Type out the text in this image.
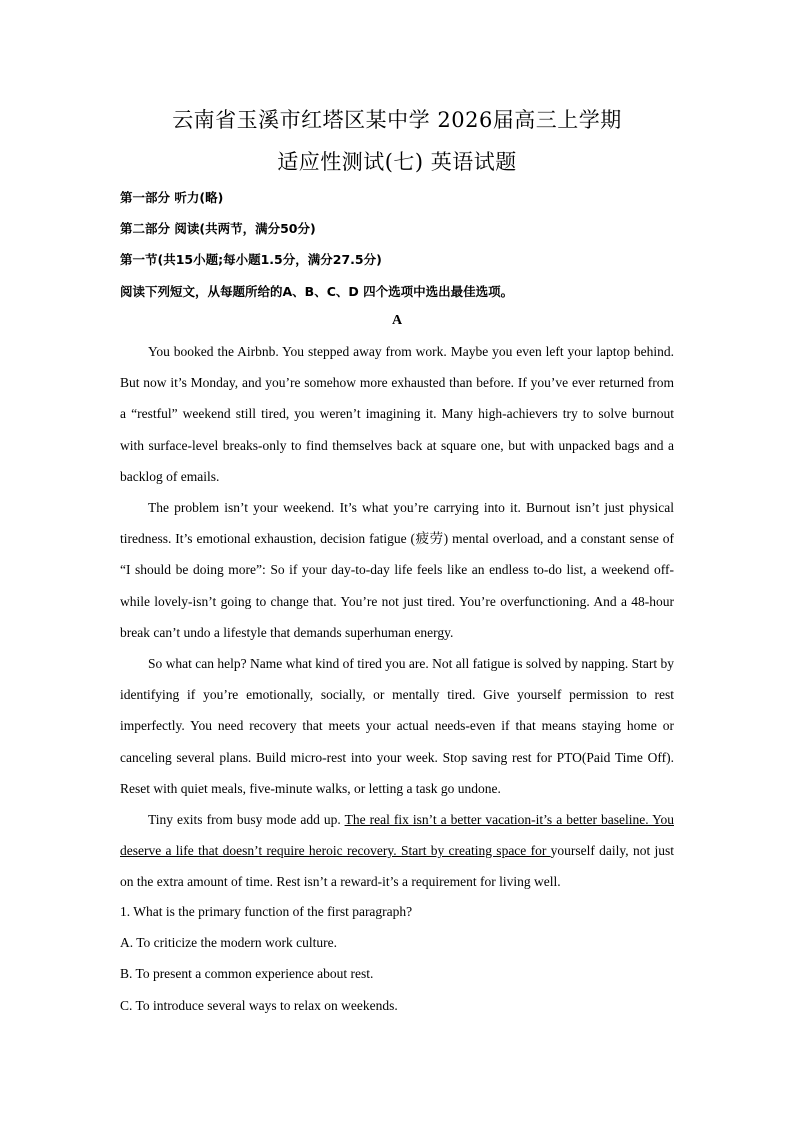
云南省玉溪市红塔区某中学 2026届高三上学期
适应性测试(七) 英语试题
第一部分 听力(略)
第二部分 阅读(共两节，满分50分)
第一节(共15小题;每小题1.5分，满分27.5分)
阅读下列短文，从每题所给的A、B、C、D 四个选项中选出最佳选项。
A

You booked the Airbnb. You stepped away from work. Maybe you even left your laptop behind. But now it’s Monday, and you’re somehow more exhausted than before. If you’ve ever returned from a “restful” weekend still tired, you weren’t imagining it. Many high-achievers try to solve burnout with surface-level breaks-only to find themselves back at square one, but with unpacked bags and a backlog of emails.

The problem isn’t your weekend. It’s what you’re carrying into it. Burnout isn’t just physical tiredness. It’s emotional exhaustion, decision fatigue (疲劳) mental overload, and a constant sense of “I should be doing more”: So if your day-to-day life feels like an endless to-do list, a weekend off-while lovely-isn’t going to change that. You’re not just tired. You’re overfunctioning. And a 48-hour break can’t undo a lifestyle that demands superhuman energy.

So what can help? Name what kind of tired you are. Not all fatigue is solved by napping. Start by identifying if you’re emotionally, socially, or mentally tired. Give yourself permission to rest imperfectly. You need recovery that meets your actual needs-even if that means staying home or canceling several plans. Build micro-rest into your week. Stop saving rest for PTO(Paid Time Off). Reset with quiet meals, five-minute walks, or letting a task go undone.

Tiny exits from busy mode add up. The real fix isn’t a better vacation-it’s a better baseline. You deserve a life that doesn’t require heroic recovery. Start by creating space for yourself daily, not just on the extra amount of time. Rest isn’t a reward-it’s a requirement for living well.

1. What is the primary function of the first paragraph?
A. To criticize the modern work culture.
B. To present a common experience about rest.
C. To introduce several ways to relax on weekends.
